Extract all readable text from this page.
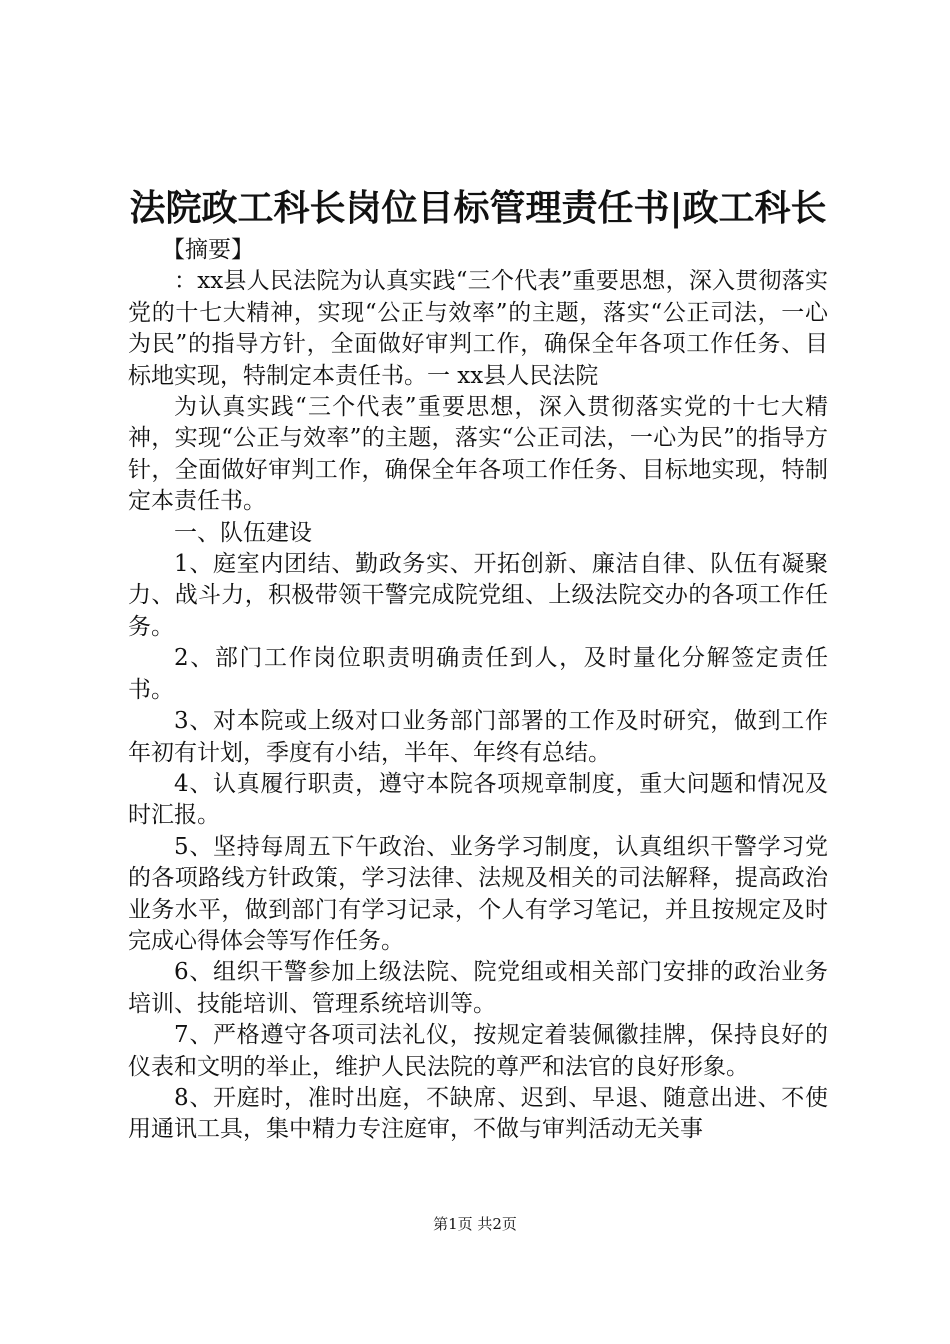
法院政工科长岗位目标管理责任书|政工科长

【摘要】

：xx县人民法院为认真实践“三个代表”重要思想，深入贯彻落实党的十七大精神，实现“公正与效率”的主题，落实“公正司法，一心为民”的指导方针，全面做好审判工作，确保全年各项工作任务、目标地实现，特制定本责任书。一 xx县人民法院

为认真实践“三个代表”重要思想，深入贯彻落实党的十七大精神，实现“公正与效率”的主题，落实“公正司法，一心为民”的指导方针，全面做好审判工作，确保全年各项工作任务、目标地实现，特制定本责任书。

一、队伍建设

1、庭室内团结、勤政务实、开拓创新、廉洁自律、队伍有凝聚力、战斗力，积极带领干警完成院党组、上级法院交办的各项工作任务。

2、部门工作岗位职责明确责任到人，及时量化分解签定责任书。

3、对本院或上级对口业务部门部署的工作及时研究，做到工作年初有计划，季度有小结，半年、年终有总结。

4、认真履行职责，遵守本院各项规章制度，重大问题和情况及时汇报。

5、坚持每周五下午政治、业务学习制度，认真组织干警学习党的各项路线方针政策，学习法律、法规及相关的司法解释，提高政治业务水平，做到部门有学习记录，个人有学习笔记，并且按规定及时完成心得体会等写作任务。

6、组织干警参加上级法院、院党组或相关部门安排的政治业务培训、技能培训、管理系统培训等。

7、严格遵守各项司法礼仪，按规定着装佩徽挂牌，保持良好的仪表和文明的举止，维护人民法院的尊严和法官的良好形象。

8、开庭时，准时出庭，不缺席、迟到、早退、随意出进、不使用通讯工具，集中精力专注庭审，不做与审判活动无关事

第1页 共2页
